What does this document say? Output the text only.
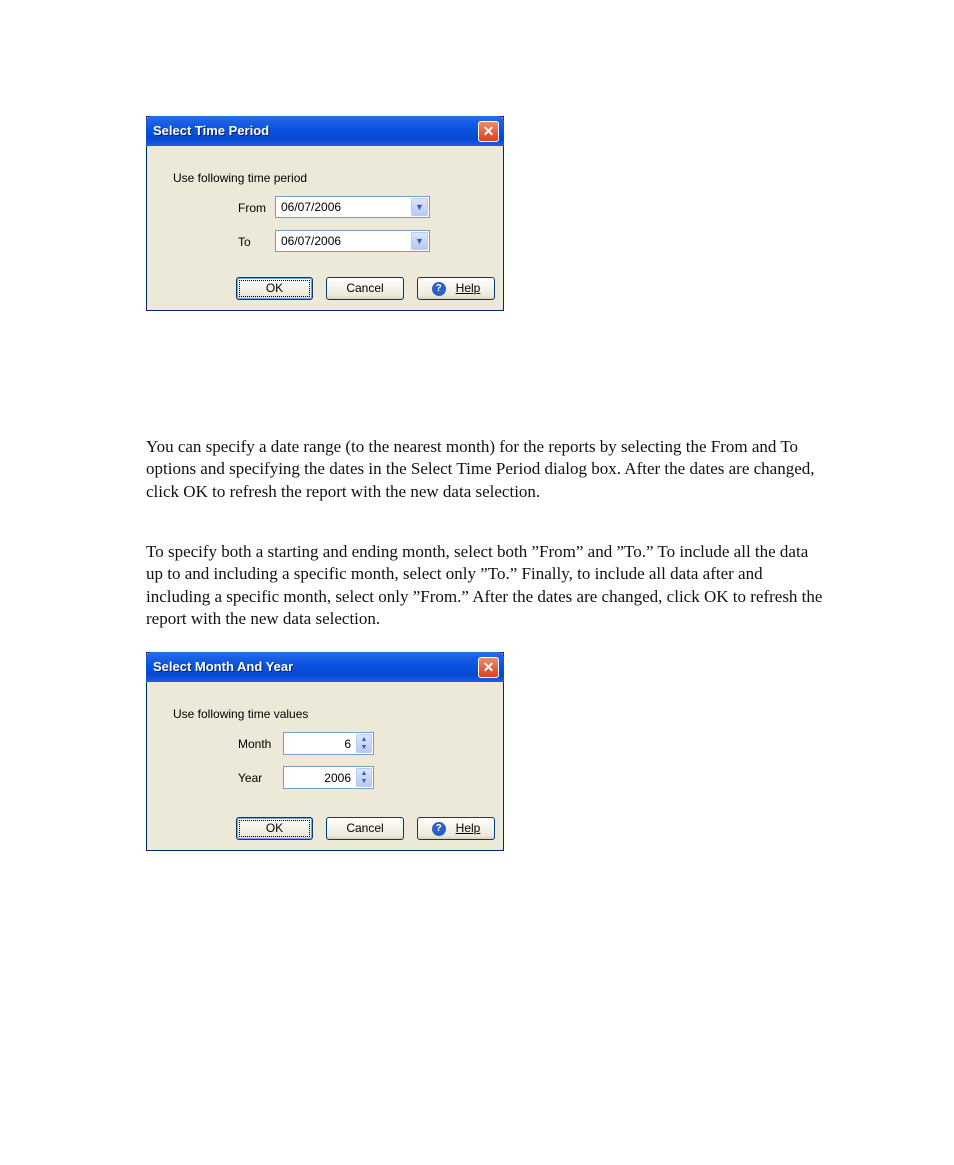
Select Time Period	✕
Use following time period
From 06/07/2006	▼
To	06/07/2006	▼
OK	Cancel	? Help

You can specify a date range (to the nearest month) for the reports by selecting the From and To options and specifying the dates in the Select Time Period dialog box. After the dates are changed, click OK to refresh the report with the new data selection.

To specify both a starting and ending month, select both ”From” and ”To.” To include all the data up to and including a specific month, select only ”To.” Finally, to include all data after and including a specific month, select only ”From.” After the dates are changed, click OK to refresh the report with the new data selection.

Select Month And Year	✕
Use following time values
Month	6	▲
▼
Year	2006	▲
▼
OK	Cancel	? Help
